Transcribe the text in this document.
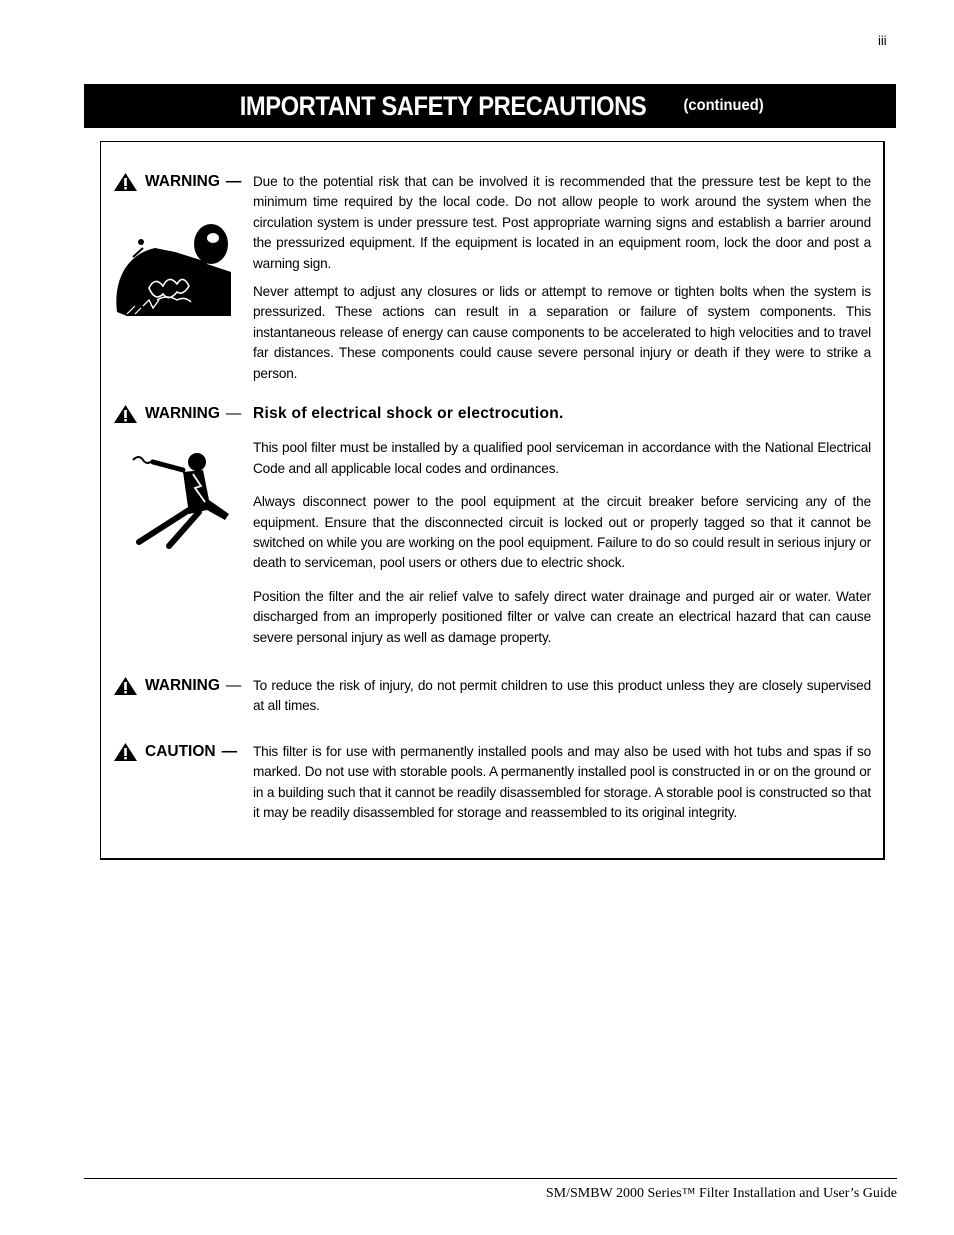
iii
IMPORTANT SAFETY PRECAUTIONS (continued)
WARNING — Due to the potential risk that can be involved it is recommended that the pressure test be kept to the minimum time required by the local code. Do not allow people to work around the system when the circulation system is under pressure test. Post appropriate warning signs and establish a barrier around the pressurized equipment. If the equipment is located in an equipment room, lock the door and post a warning sign.

Never attempt to adjust any closures or lids or attempt to remove or tighten bolts when the system is pressurized. These actions can result in a separation or failure of system components. This instantaneous release of energy can cause components to be accelerated to high velocities and to travel far distances. These components could cause severe personal injury or death if they were to strike a person.

WARNING — Risk of electrical shock or electrocution.

This pool filter must be installed by a qualified pool serviceman in accordance with the National Electrical Code and all applicable local codes and ordinances.

Always disconnect power to the pool equipment at the circuit breaker before servicing any of the equipment. Ensure that the disconnected circuit is locked out or properly tagged so that it cannot be switched on while you are working on the pool equipment. Failure to do so could result in serious injury or death to serviceman, pool users or others due to electric shock.

Position the filter and the air relief valve to safely direct water drainage and purged air or water. Water discharged from an improperly positioned filter or valve can create an electrical hazard that can cause severe personal injury as well as damage property.

WARNING — To reduce the risk of injury, do not permit children to use this product unless they are closely supervised at all times.

CAUTION — This filter is for use with permanently installed pools and may also be used with hot tubs and spas if so marked. Do not use with storable pools. A permanently installed pool is constructed in or on the ground or in a building such that it cannot be readily disassembled for storage. A storable pool is constructed so that it may be readily disassembled for storage and reassembled to its original integrity.

SM/SMBW 2000 Series™ Filter Installation and User’s Guide
